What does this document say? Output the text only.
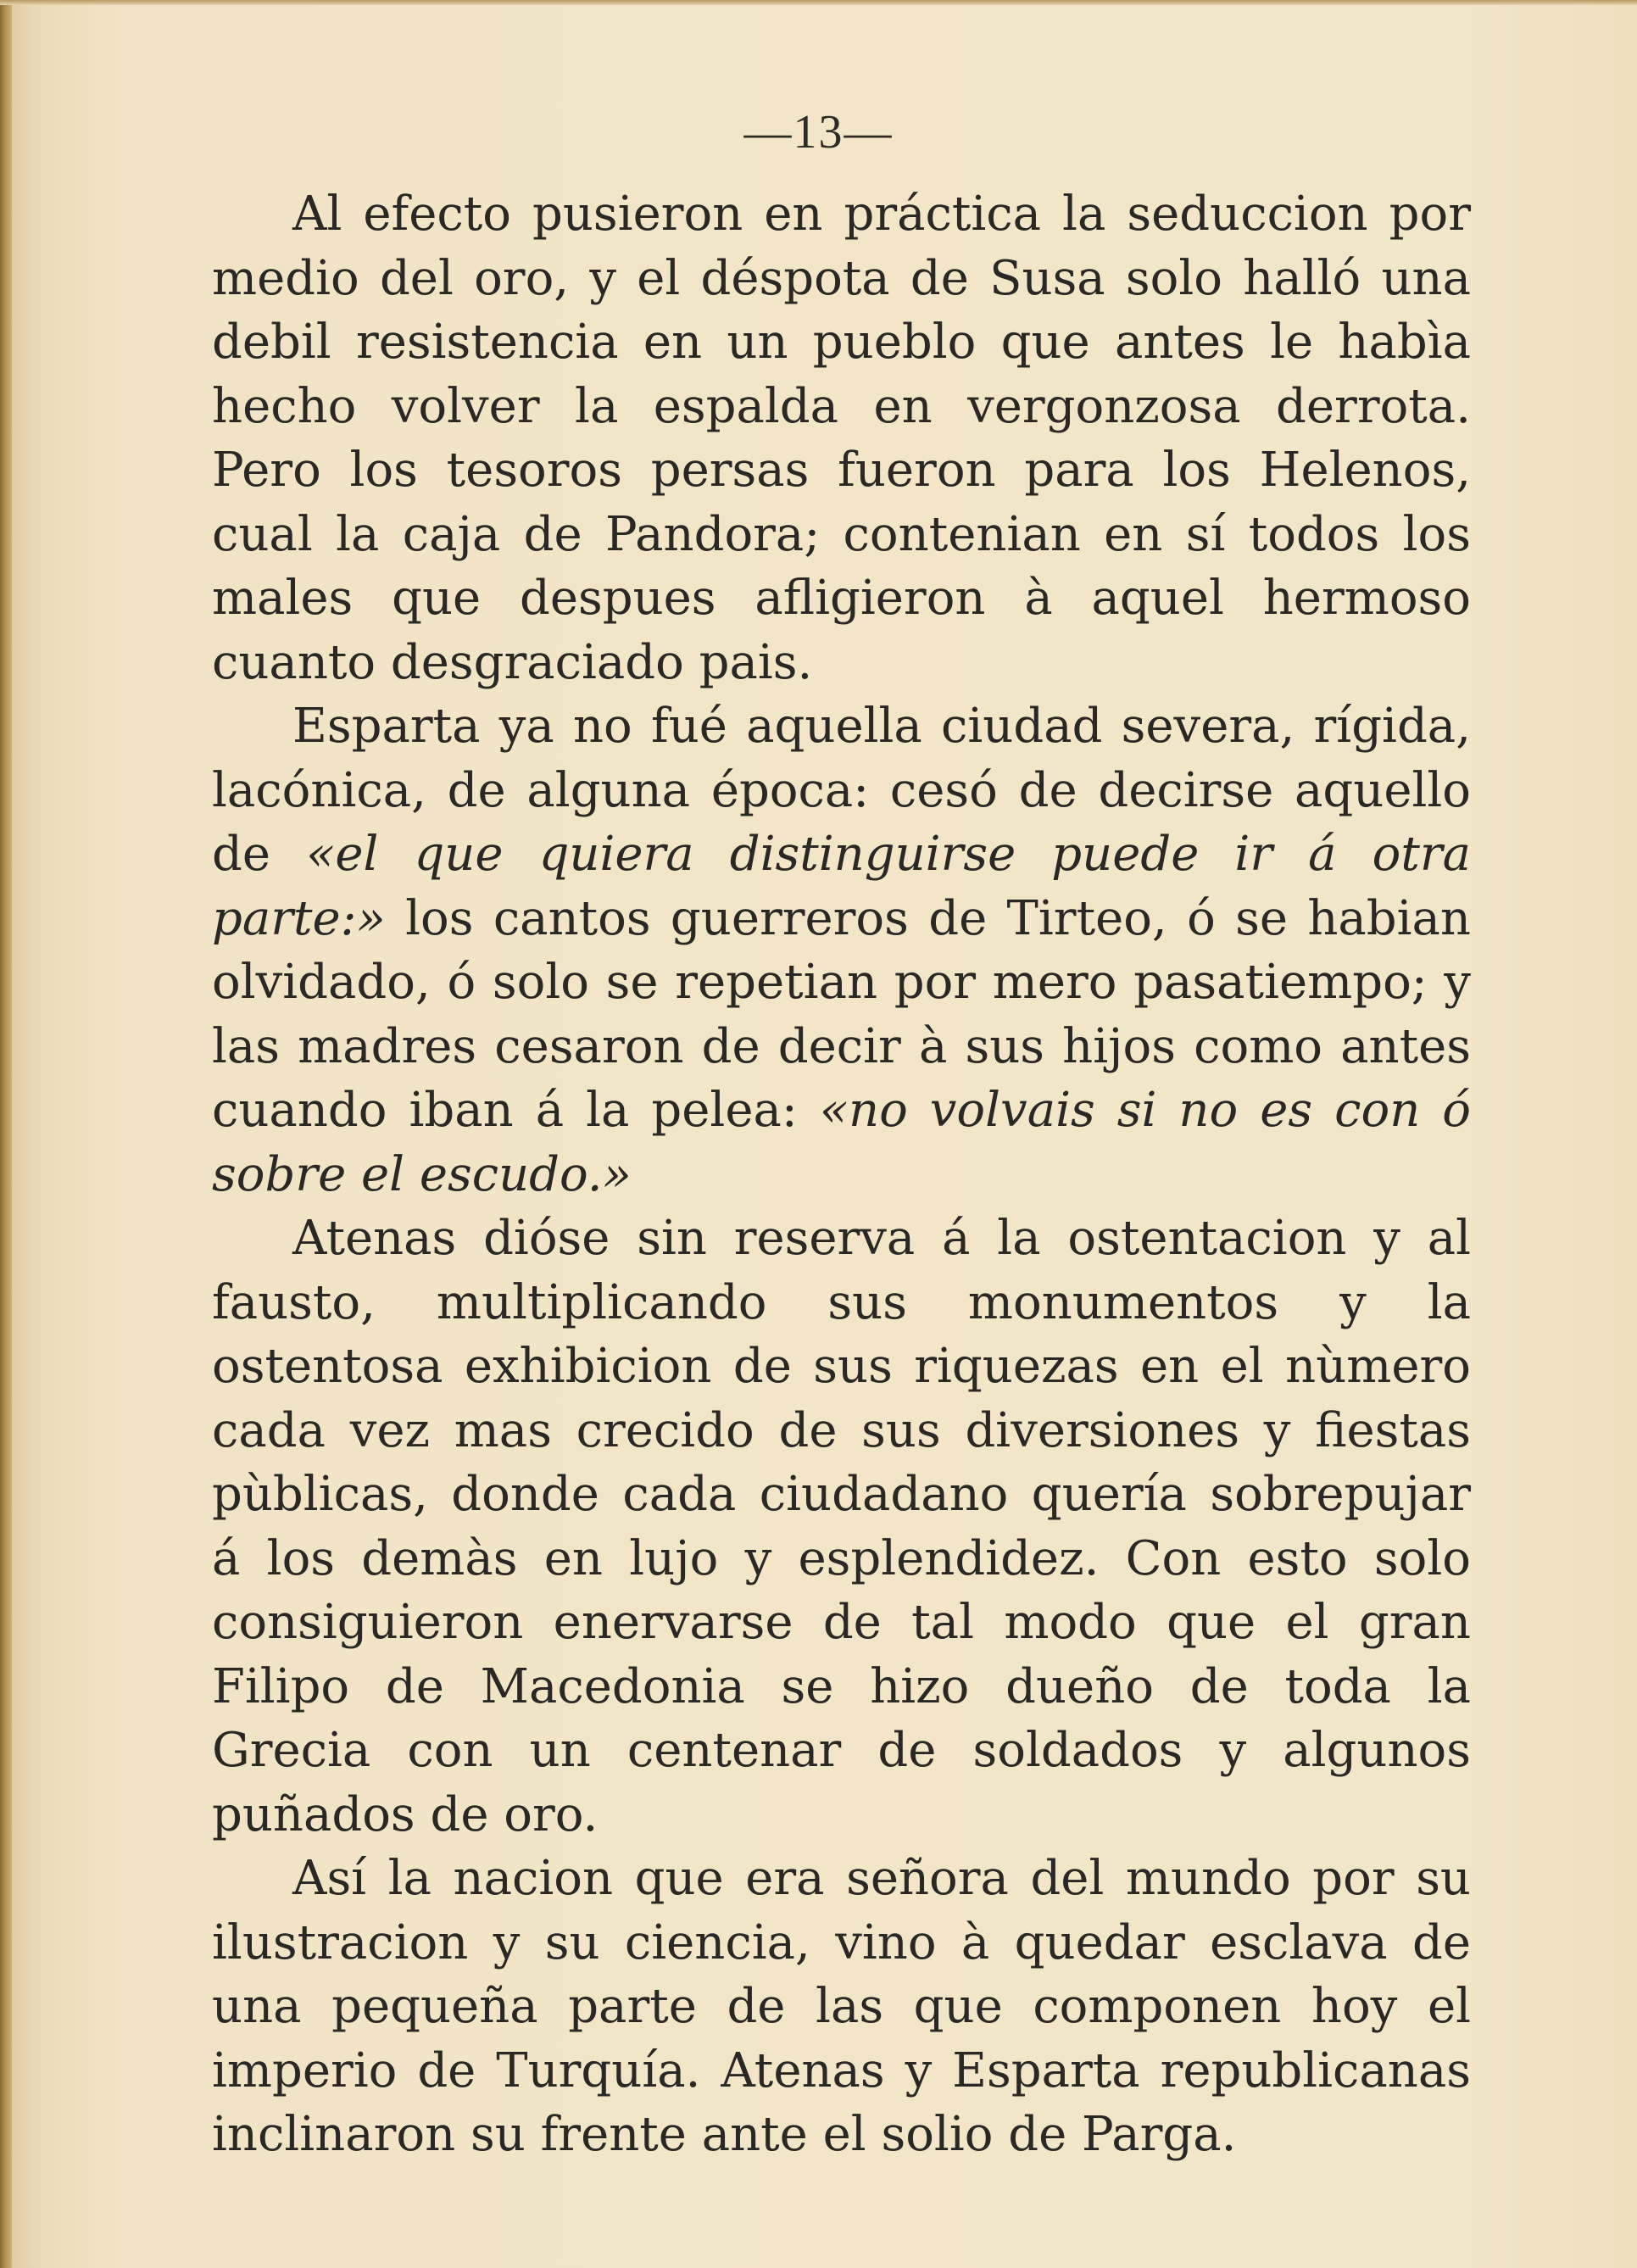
—13—

Al efecto pusieron en práctica la seduccion por medio del oro, y el déspota de Susa solo halló una debil resistencia en un pueblo que antes le habìa hecho volver la espalda en vergonzosa derrota. Pero los tesoros persas fueron para los Helenos, cual la caja de Pandora; contenian en sí todos los males que despues afligieron à aquel hermoso cuanto desgraciado pais.

Esparta ya no fué aquella ciudad severa, rígida, lacónica, de alguna época: cesó de decirse aquello de «el que quiera distinguirse puede ir á otra parte:» los cantos guerreros de Tirteo, ó se habian olvidado, ó solo se repetian por mero pasatiempo; y las madres cesaron de decir à sus hijos como antes cuando iban á la pelea: «no volvais si no es con ó sobre el escudo.»

Atenas dióse sin reserva á la ostentacion y al fausto, multiplicando sus monumentos y la ostentosa exhibicion de sus riquezas en el nùmero cada vez mas crecido de sus diversiones y fiestas pùblicas, donde cada ciudadano quería sobrepujar á los demàs en lujo y esplendidez. Con esto solo consiguieron enervarse de tal modo que el gran Filipo de Macedonia se hizo dueño de toda la Grecia con un centenar de soldados y algunos puñados de oro.

Así la nacion que era señora del mundo por su ilustracion y su ciencia, vino à quedar esclava de una pequeña parte de las que componen hoy el imperio de Turquía. Atenas y Esparta republicanas inclinaron su frente ante el solio de Parga.
